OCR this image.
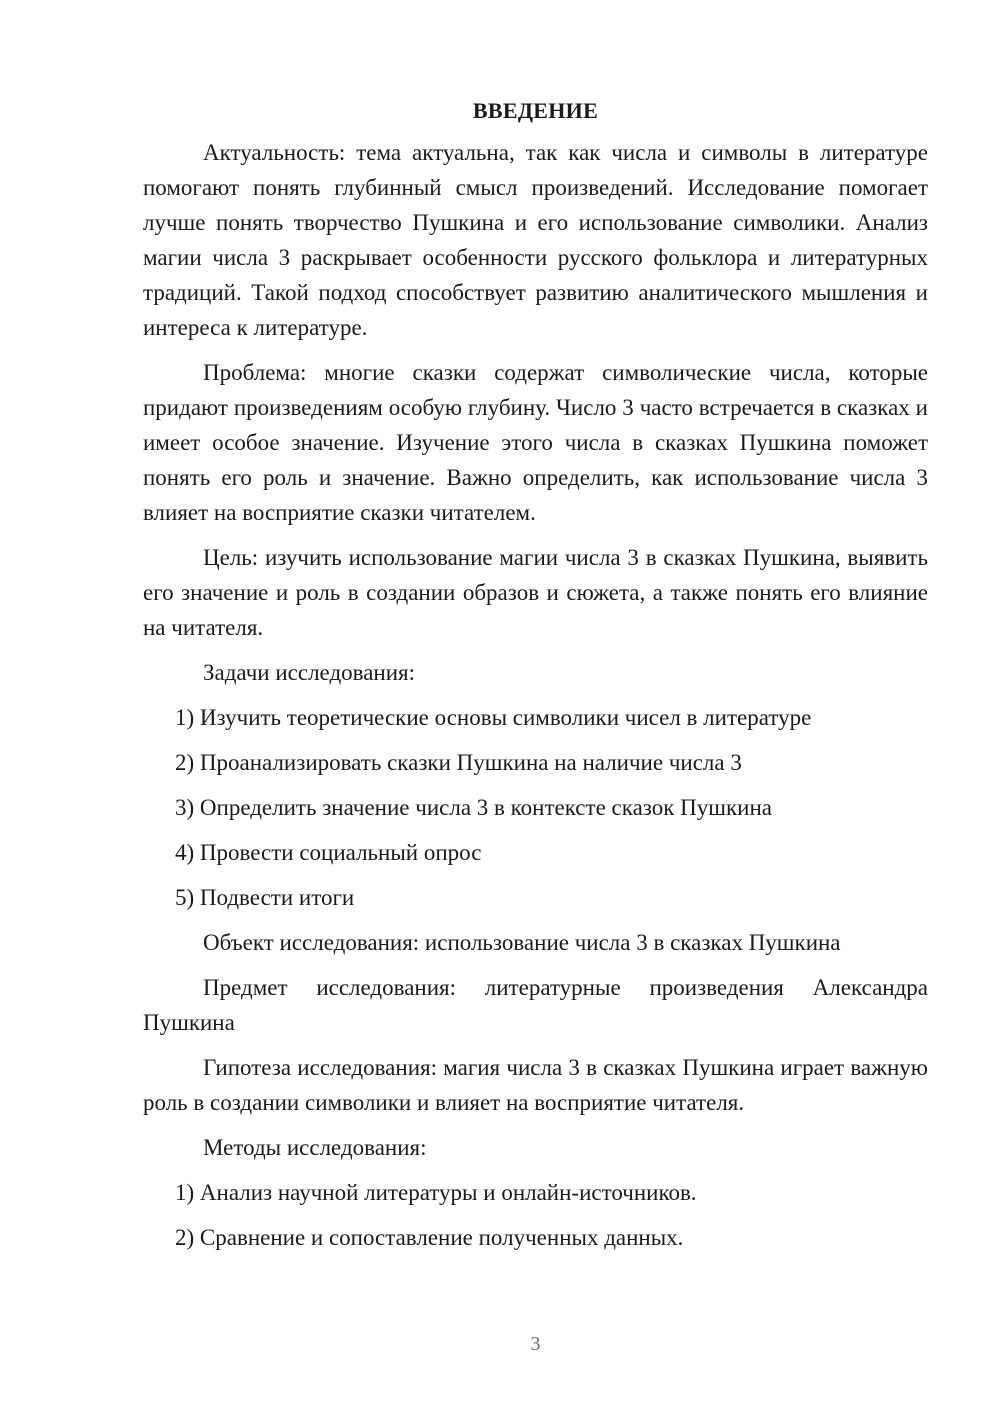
ВВЕДЕНИЕ

Актуальность: тема актуальна, так как числа и символы в литературе помогают понять глубинный смысл произведений. Исследование помогает лучше понять творчество Пушкина и его использование символики. Анализ магии числа 3 раскрывает особенности русского фольклора и литературных традиций. Такой подход способствует развитию аналитического мышления и интереса к литературе.

Проблема: многие сказки содержат символические числа, которые придают произведениям особую глубину. Число 3 часто встречается в сказках и имеет особое значение. Изучение этого числа в сказках Пушкина поможет понять его роль и значение. Важно определить, как использование числа 3 влияет на восприятие сказки читателем.

Цель: изучить использование магии числа 3 в сказках Пушкина, выявить его значение и роль в создании образов и сюжета, а также понять его влияние на читателя.

Задачи исследования:
1) Изучить теоретические основы символики чисел в литературе
2) Проанализировать сказки Пушкина на наличие числа 3
3) Определить значение числа 3 в контексте сказок Пушкина
4) Провести социальный опрос
5) Подвести итоги
Объект исследования: использование числа 3 в сказках Пушкина

Предмет исследования: литературные произведения Александра Пушкина

Гипотеза исследования: магия числа 3 в сказках Пушкина играет важную роль в создании символики и влияет на восприятие читателя.

Методы исследования:
1) Анализ научной литературы и онлайн-источников.
2) Сравнение и сопоставление полученных данных.
3
